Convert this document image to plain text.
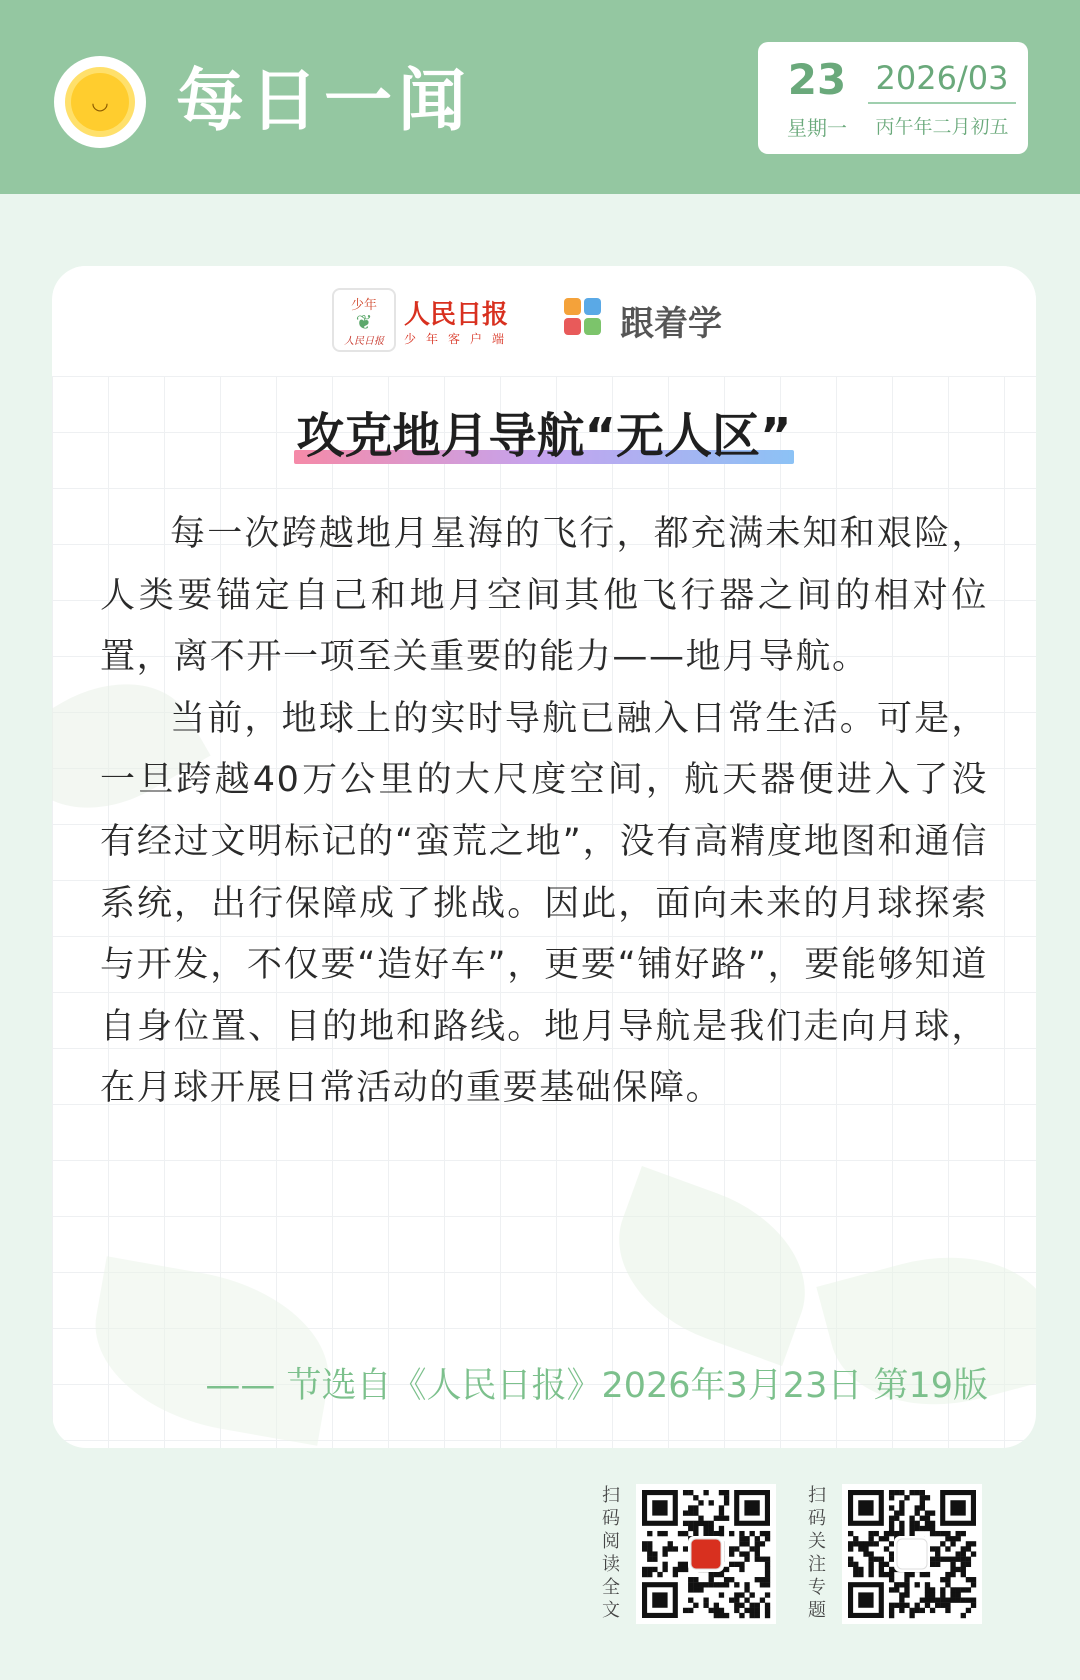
◡ 每日一闻	23
星期一
2026/03
丙午年二月初五
少年
❦
人民日报
人民日报
少年客户端	跟着学
攻克地月导航“无人区”

每一次跨越地月星海的飞行，都充满未知和艰险，人类要锚定自己和地月空间其他飞行器之间的相对位置，离不开一项至关重要的能力——地月导航。

当前，地球上的实时导航已融入日常生活。可是，一旦跨越40万公里的大尺度空间，航天器便进入了没有经过文明标记的“蛮荒之地”，没有高精度地图和通信系统，出行保障成了挑战。因此，面向未来的月球探索与开发，不仅要“造好车”，更要“铺好路”，要能够知道自身位置、目的地和路线。地月导航是我们走向月球，在月球开展日常活动的重要基础保障。

—— 节选自《人民日报》2026年3月23日 第19版
扫码阅读全文
扫码关注专题
